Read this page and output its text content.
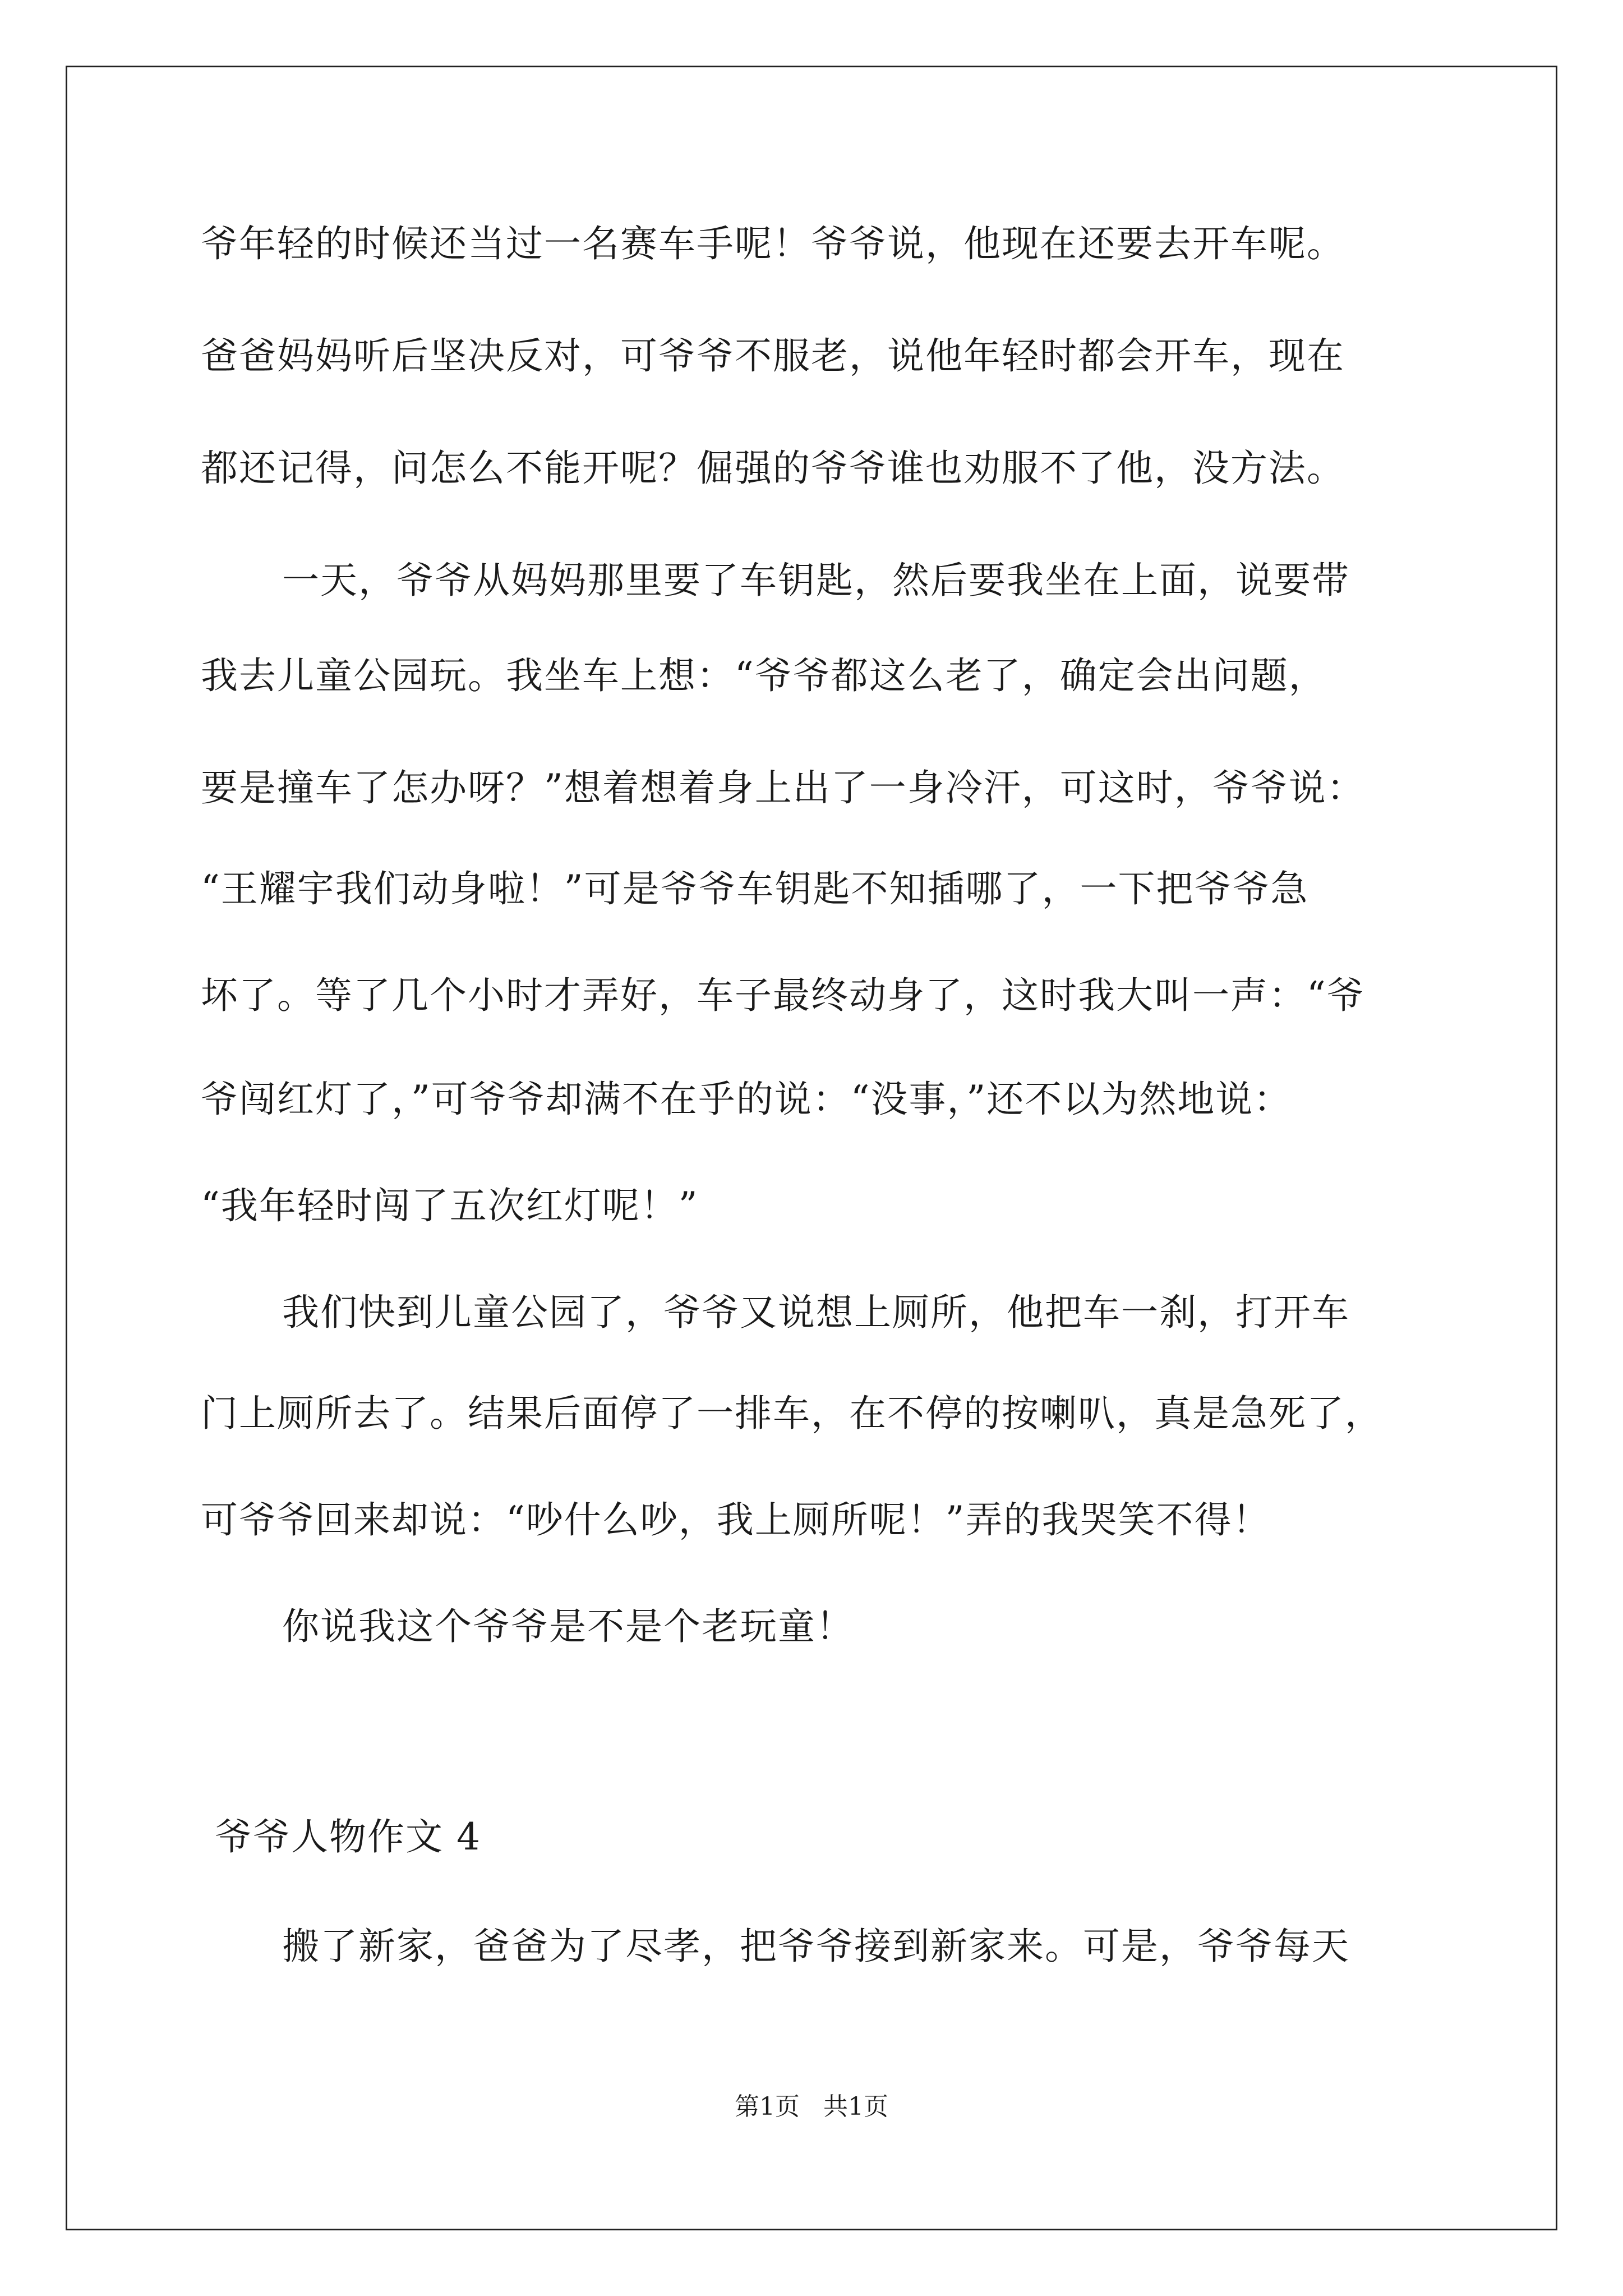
爷年轻的时候还当过一名赛车手呢！爷爷说，他现在还要去开车呢。
爸爸妈妈听后坚决反对，可爷爷不服老，说他年轻时都会开车，现在
都还记得，问怎么不能开呢？倔强的爷爷谁也劝服不了他，没方法。
一天，爷爷从妈妈那里要了车钥匙，然后要我坐在上面，说要带
我去儿童公园玩。我坐车上想：“爷爷都这么老了，确定会出问题，
要是撞车了怎办呀？”想着想着身上出了一身冷汗，可这时，爷爷说：
“王耀宇我们动身啦！”可是爷爷车钥匙不知插哪了，一下把爷爷急
坏了。等了几个小时才弄好，车子最终动身了，这时我大叫一声：“爷
爷闯红灯了，”可爷爷却满不在乎的说：“没事，”还不以为然地说：
“我年轻时闯了五次红灯呢！”
我们快到儿童公园了，爷爷又说想上厕所，他把车一刹，打开车
门上厕所去了。结果后面停了一排车，在不停的按喇叭，真是急死了，
可爷爷回来却说：“吵什么吵，我上厕所呢！”弄的我哭笑不得！
你说我这个爷爷是不是个老玩童！
爷爷人物作文 4
搬了新家，爸爸为了尽孝，把爷爷接到新家来。可是，爷爷每天
第1页   共1页
